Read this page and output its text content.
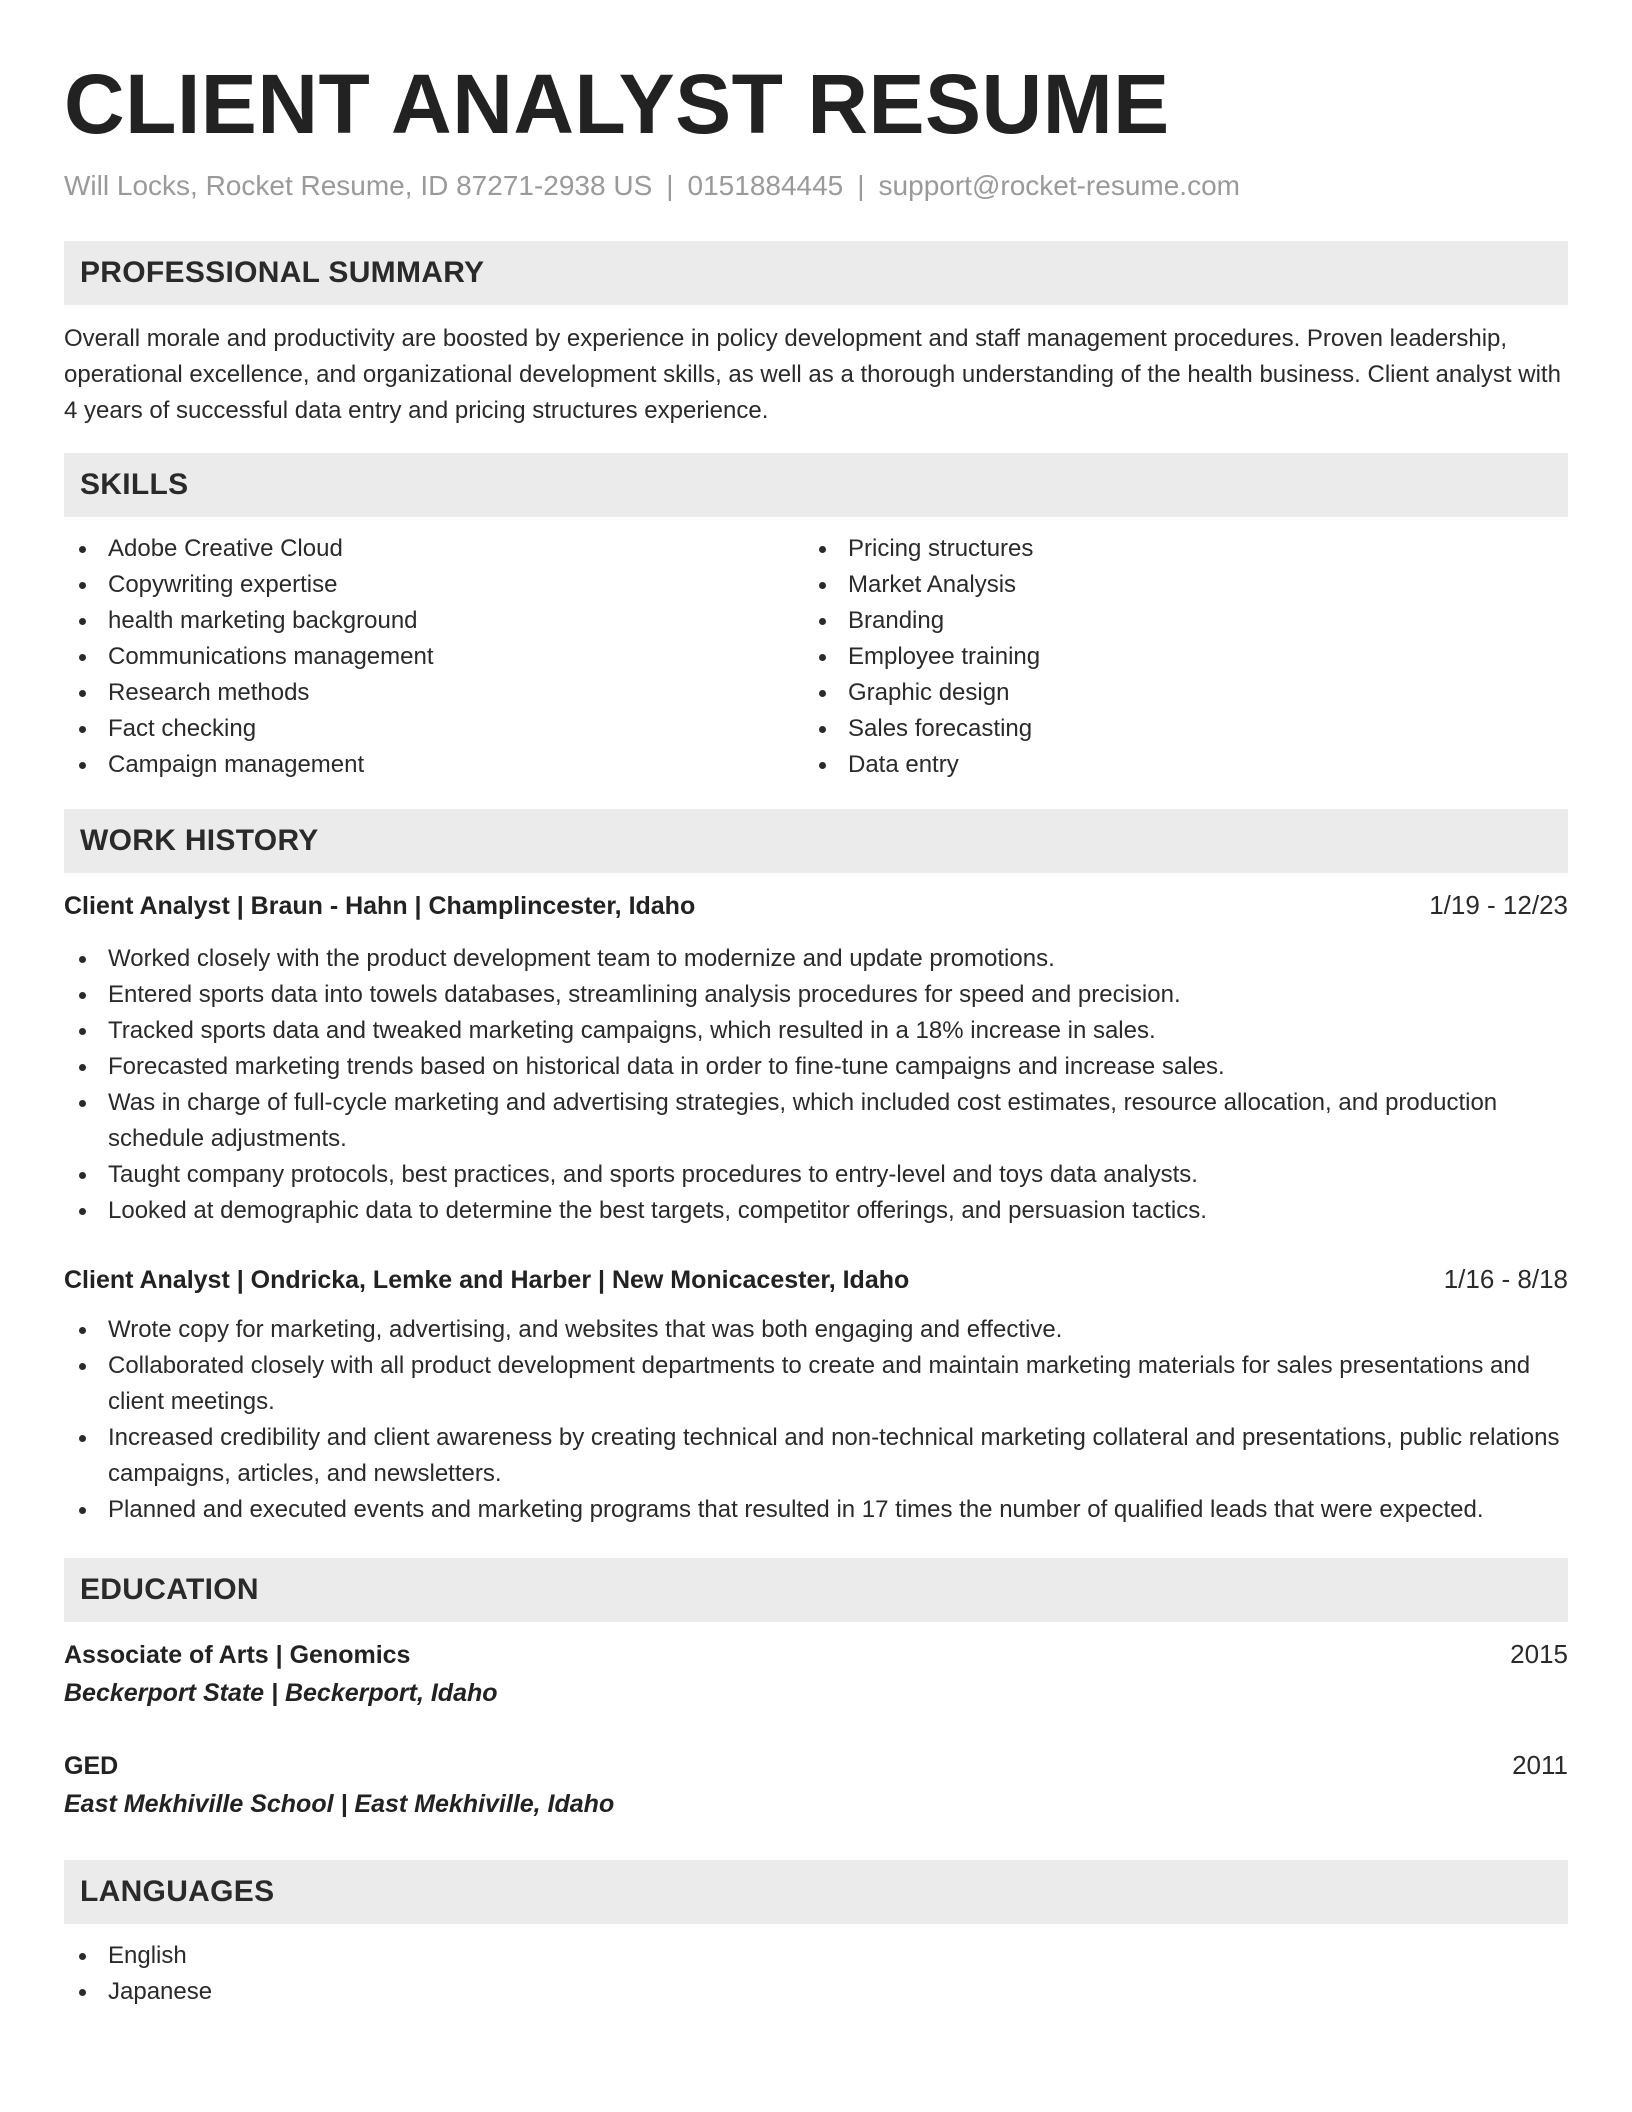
CLIENT ANALYST RESUME
Will Locks, Rocket Resume, ID 87271-2938 US | 0151884445 | support@rocket-resume.com
PROFESSIONAL SUMMARY
Overall morale and productivity are boosted by experience in policy development and staff management procedures. Proven leadership, operational excellence, and organizational development skills, as well as a thorough understanding of the health business. Client analyst with 4 years of successful data entry and pricing structures experience.
SKILLS
Adobe Creative Cloud
Copywriting expertise
health marketing background
Communications management
Research methods
Fact checking
Campaign management
Pricing structures
Market Analysis
Branding
Employee training
Graphic design
Sales forecasting
Data entry
WORK HISTORY
Client Analyst | Braun - Hahn | Champlincester, Idaho	1/19 - 12/23
Worked closely with the product development team to modernize and update promotions.
Entered sports data into towels databases, streamlining analysis procedures for speed and precision.
Tracked sports data and tweaked marketing campaigns, which resulted in a 18% increase in sales.
Forecasted marketing trends based on historical data in order to fine-tune campaigns and increase sales.
Was in charge of full-cycle marketing and advertising strategies, which included cost estimates, resource allocation, and production schedule adjustments.
Taught company protocols, best practices, and sports procedures to entry-level and toys data analysts.
Looked at demographic data to determine the best targets, competitor offerings, and persuasion tactics.
Client Analyst | Ondricka, Lemke and Harber | New Monicacester, Idaho	1/16 - 8/18
Wrote copy for marketing, advertising, and websites that was both engaging and effective.
Collaborated closely with all product development departments to create and maintain marketing materials for sales presentations and client meetings.
Increased credibility and client awareness by creating technical and non-technical marketing collateral and presentations, public relations campaigns, articles, and newsletters.
Planned and executed events and marketing programs that resulted in 17 times the number of qualified leads that were expected.
EDUCATION
Associate of Arts | Genomics	2015
Beckerport State | Beckerport, Idaho
GED	2011
East Mekhiville School | East Mekhiville, Idaho
LANGUAGES
English
Japanese
